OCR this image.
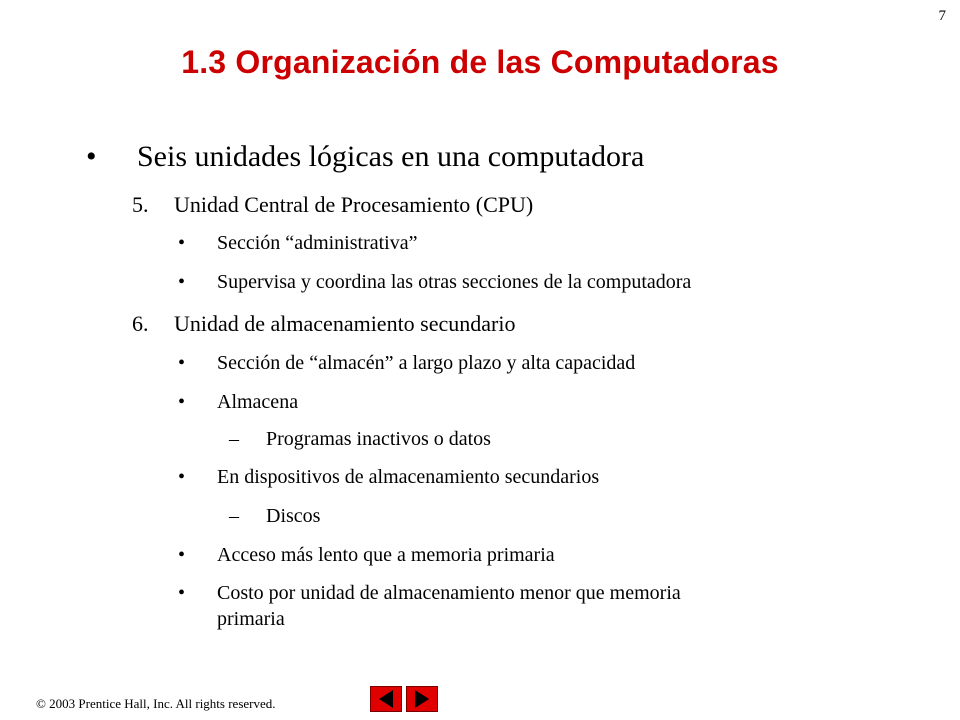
7
1.3 Organización de las Computadoras
• Seis unidades lógicas en una computadora
5. Unidad Central de Procesamiento (CPU)
• Sección “administrativa”
• Supervisa y coordina las otras secciones de la computadora
6. Unidad de almacenamiento secundario
• Sección de “almacén” a largo plazo y alta capacidad
• Almacena
– Programas inactivos o datos
• En dispositivos de almacenamiento secundarios
– Discos
• Acceso más lento que a memoria primaria
• Costo por unidad de almacenamiento menor que memoria
primaria
© 2003 Prentice Hall, Inc. All rights reserved.
